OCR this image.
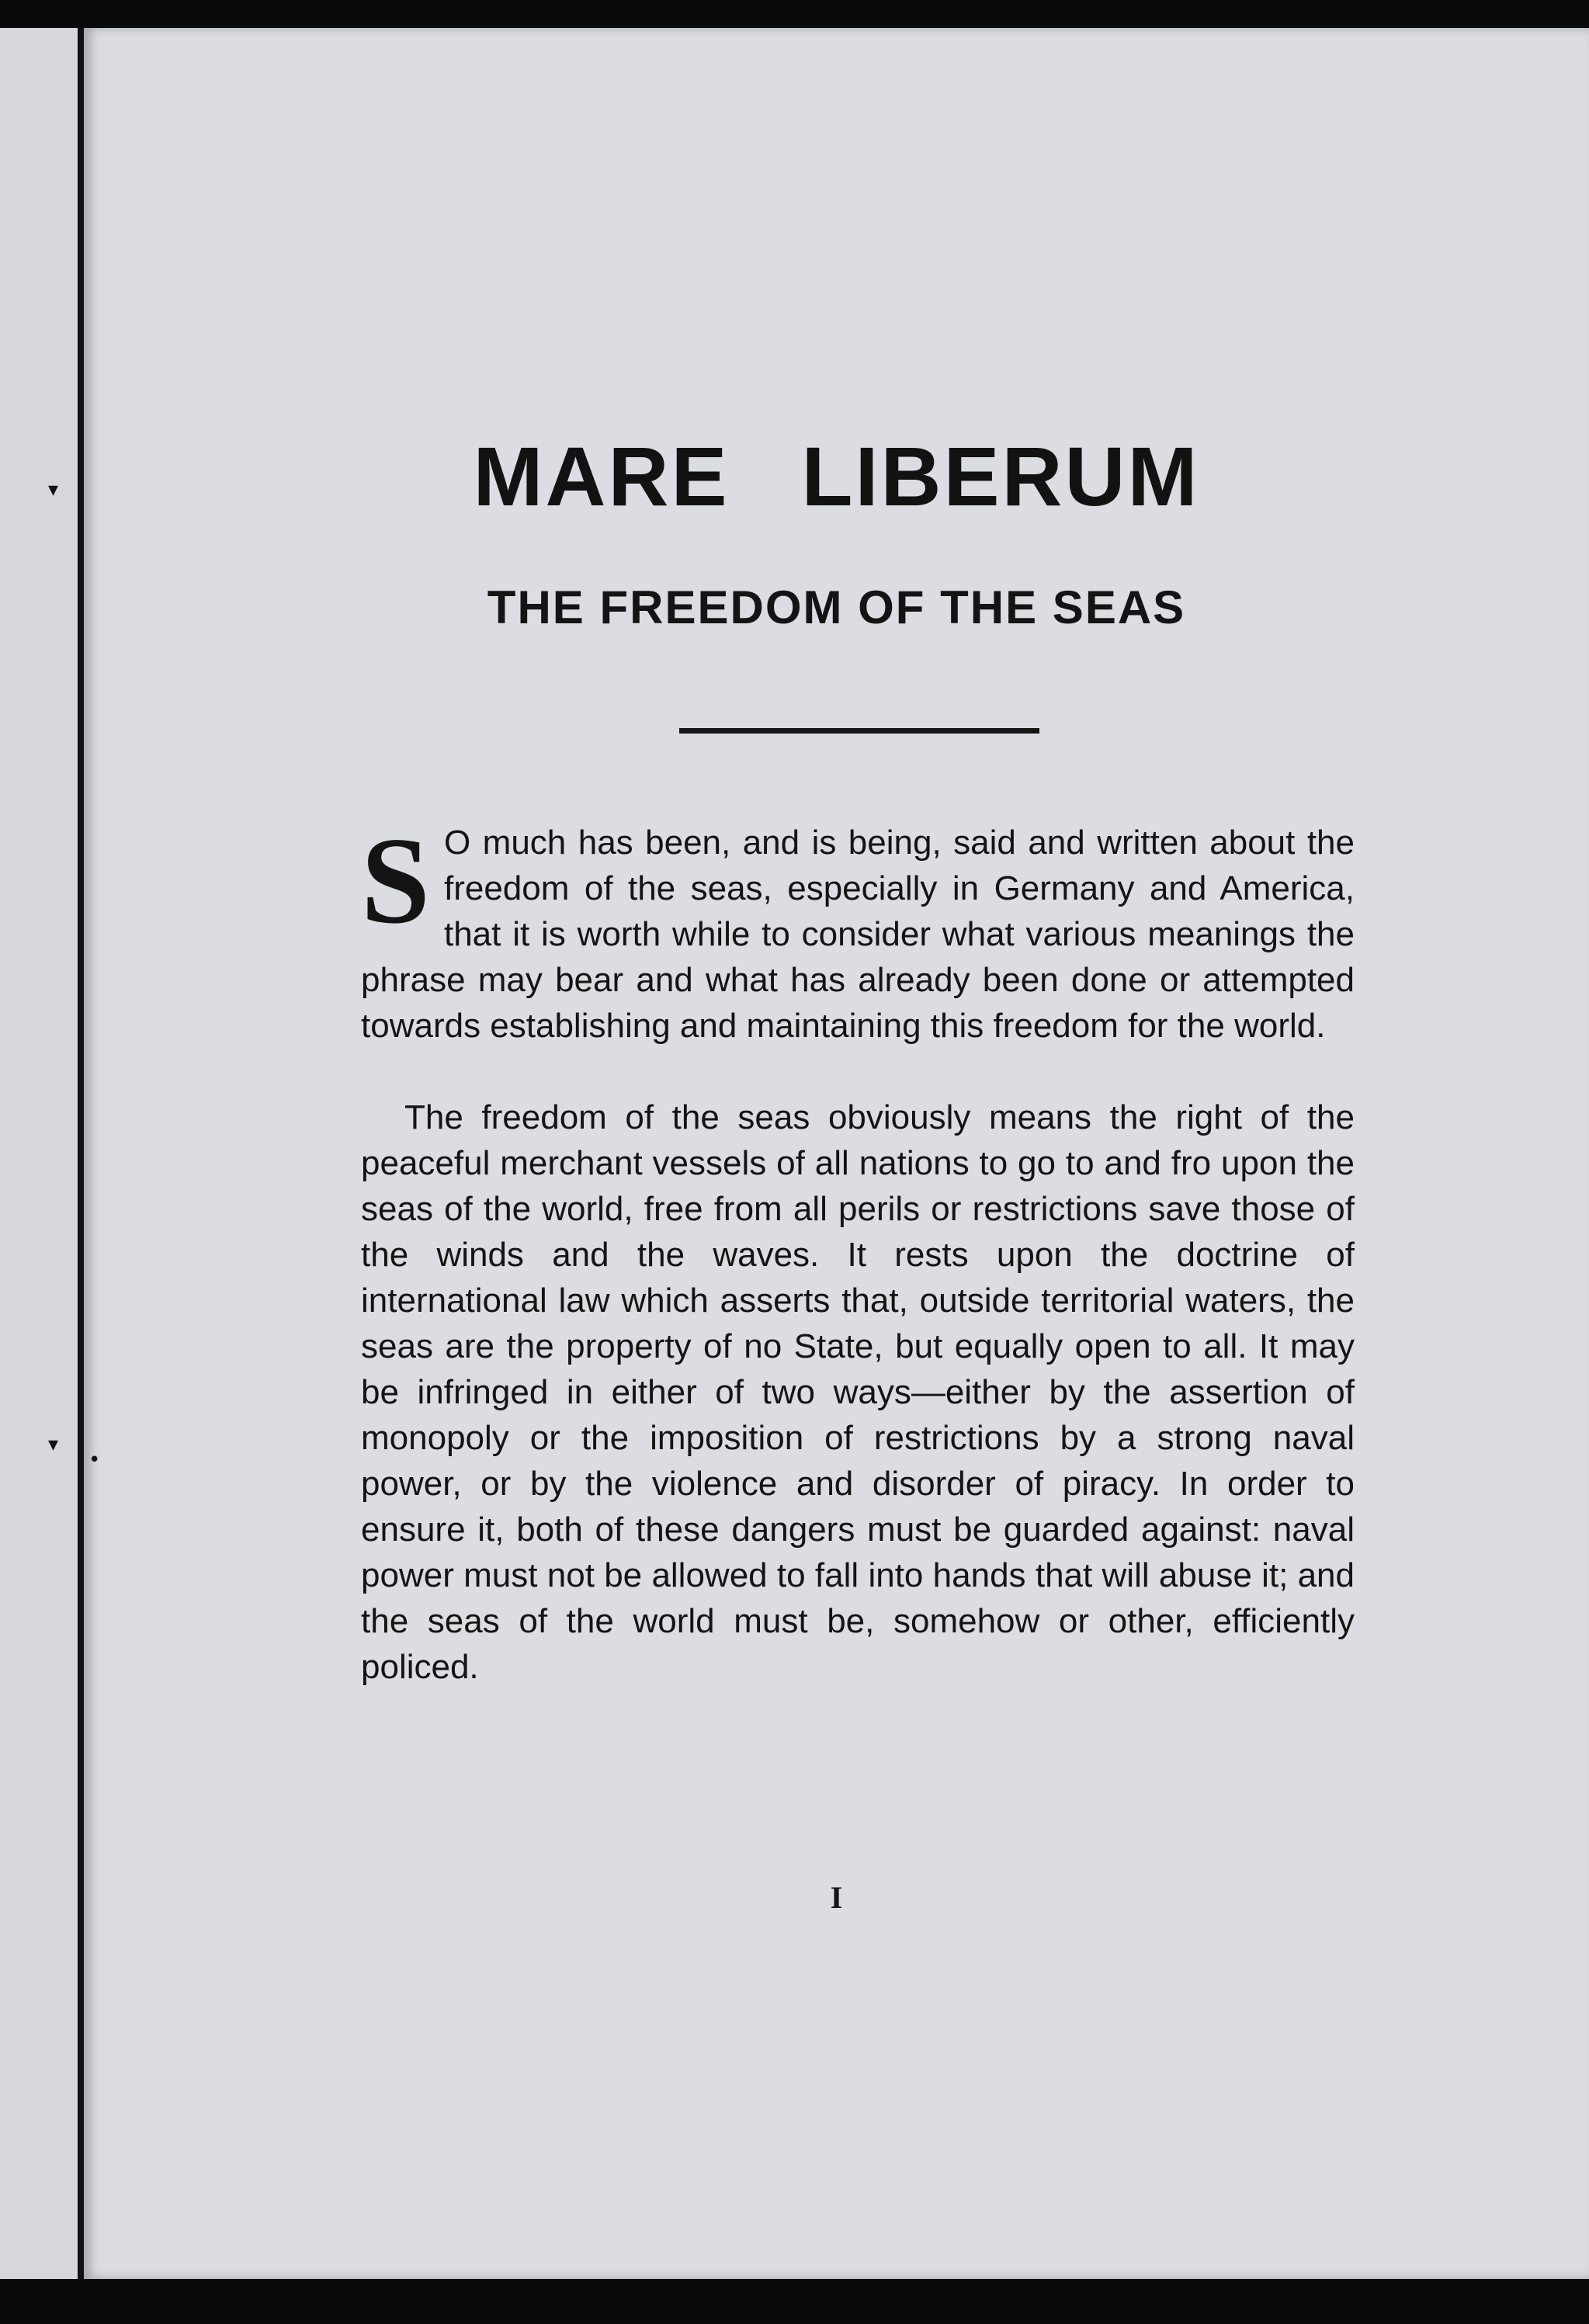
•
▾
▾
MARE LIBERUM
THE FREEDOM OF THE SEAS

S O much has been, and is being, said and written about the freedom of the seas, especially in Germany and America, that it is worth while to consider what various meanings the phrase may bear and what has already been done or attempted towards establishing and maintaining this freedom for the world.

The freedom of the seas obviously means the right of the peaceful merchant vessels of all nations to go to and fro upon the seas of the world, free from all perils or restrictions save those of the winds and the waves. It rests upon the doctrine of international law which asserts that, outside territorial waters, the seas are the property of no State, but equally open to all. It may be infringed in either of two ways—either by the assertion of monopoly or the imposition of restrictions by a strong naval power, or by the violence and disorder of piracy. In order to ensure it, both of these dangers must be guarded against: naval power must not be allowed to fall into hands that will abuse it; and the seas of the world must be, somehow or other, efficiently policed.

I
